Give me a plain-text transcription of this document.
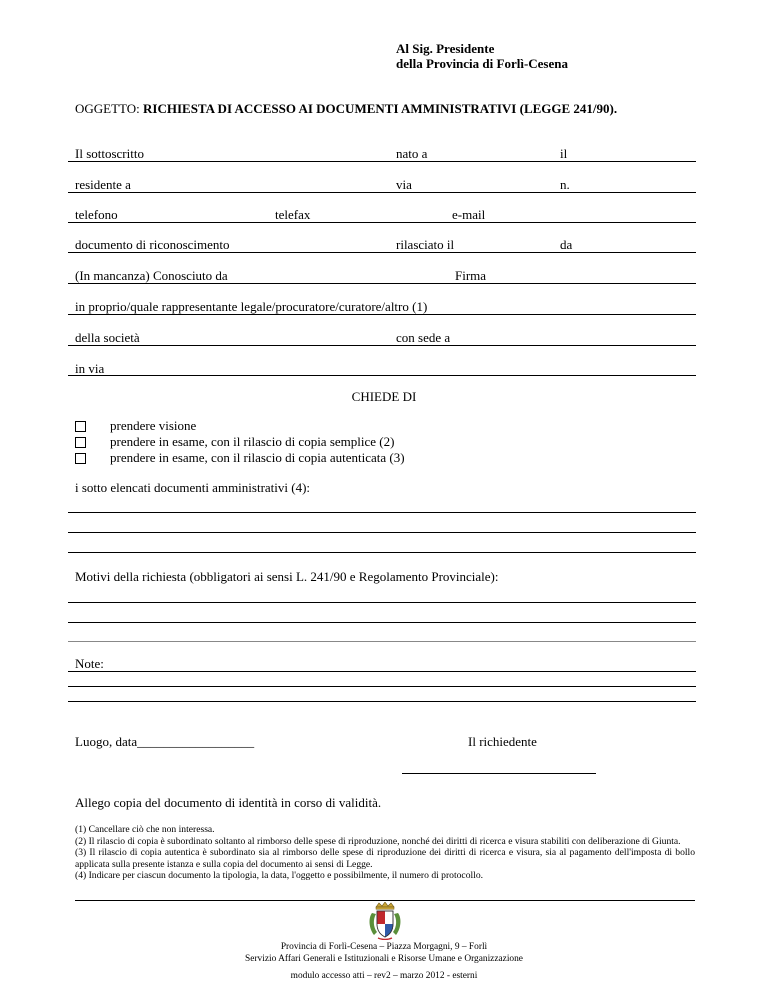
Al Sig. Presidente
della Provincia di Forlì-Cesena
OGGETTO: RICHIESTA DI ACCESSO AI DOCUMENTI AMMINISTRATIVI (LEGGE 241/90).
Il sottoscritto	nato a	il
residente a	via	n.
telefono	telefax	e-mail
documento di riconoscimento	rilasciato il	da
(In mancanza) Conosciuto da	Firma
in proprio/quale rappresentante legale/procuratore/curatore/altro (1)
della società	con sede a
in via
CHIEDE DI
prendere visione
prendere in esame, con il rilascio di copia semplice (2)
prendere in esame, con il rilascio di copia autenticata (3)
i sotto elencati documenti amministrativi (4):
Motivi della richiesta (obbligatori ai sensi L. 241/90 e Regolamento Provinciale):
Note:
Luogo, data__________________	Il richiedente
Allego copia del documento di identità in corso di validità.
(1) Cancellare ciò che non interessa.
(2) Il rilascio di copia è subordinato soltanto al rimborso delle spese di riproduzione, nonché dei diritti di ricerca e visura stabiliti con deliberazione di Giunta.
(3) Il rilascio di copia autentica è subordinato sia al rimborso delle spese di riproduzione dei diritti di ricerca e visura, sia al pagamento dell'imposta di bollo applicata sulla presente istanza e sulla copia del documento ai sensi di Legge.
(4) Indicare per ciascun documento la tipologia, la data, l'oggetto e possibilmente, il numero di protocollo.
Provincia di Forlì-Cesena – Piazza Morgagni, 9 – Forlì
Servizio Affari Generali e Istituzionali e Risorse Umane e Organizzazione
modulo accesso atti – rev2 – marzo 2012 - esterni
